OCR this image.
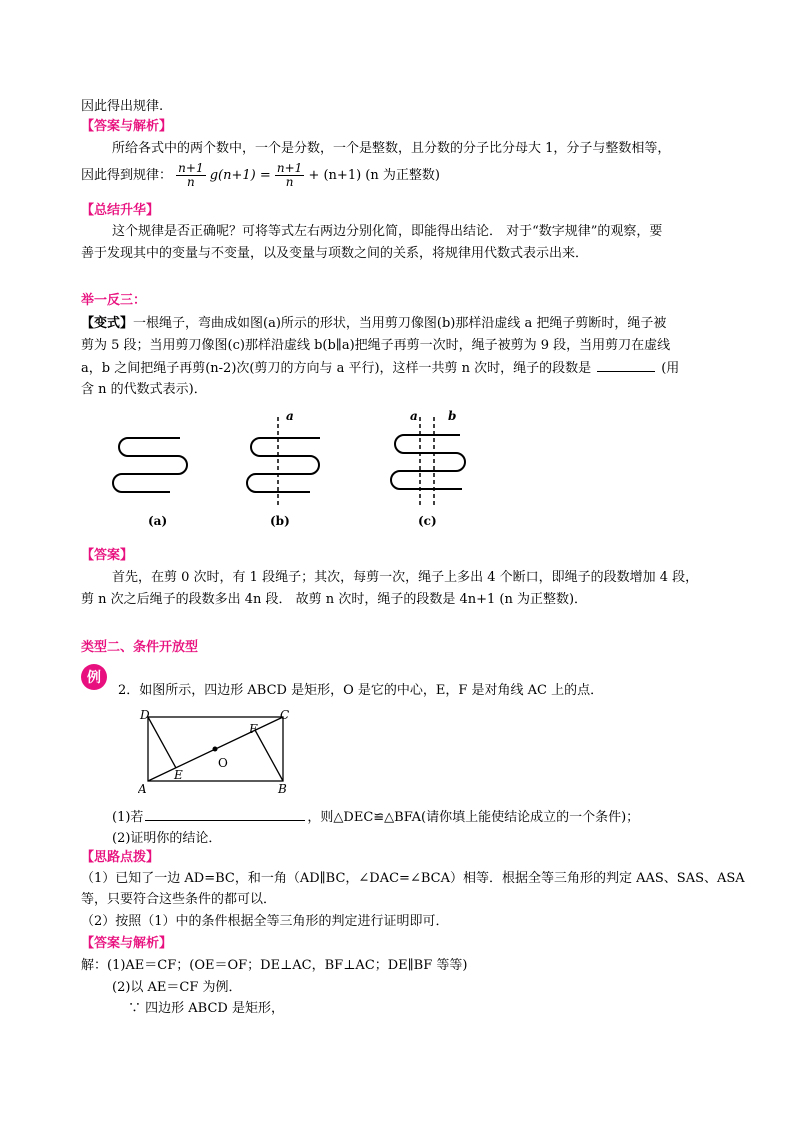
因此得出规律.
【答案与解析】
所给各式中的两个数中，一个是分数，一个是整数，且分数的分子比分母大 1，分子与整数相等，
因此得到规律： $\frac{n+1}{n} g(n+1) = \frac{n+1}{n} + (n+1)$ (n 为正整数)
【总结升华】
这个规律是否正确呢？可将等式左右两边分别化简，即能得出结论． 对于“数字规律”的观察，要
善于发现其中的变量与不变量，以及变量与项数之间的关系，将规律用代数式表示出来．
举一反三：
【变式】一根绳子，弯曲成如图(a)所示的形状，当用剪刀像图(b)那样沿虚线 a 把绳子剪断时，绳子被
剪为 5 段；当用剪刀像图(c)那样沿虚线 b(b∥a)把绳子再剪一次时，绳子被剪为 9 段，当用剪刀在虚线
a，b 之间把绳子再剪(n-2)次(剪刀的方向与 a 平行)，这样一共剪 n 次时，绳子的段数是	(用
含 n 的代数式表示)．
a	a	b
(a)	(b)	(c)
【答案】
首先，在剪 0 次时，有 1 段绳子；其次，每剪一次，绳子上多出 4 个断口，即绳子的段数增加 4 段，
剪 n 次之后绳子的段数多出 4n 段． 故剪 n 次时，绳子的段数是 4n+1 (n 为正整数)．
类型二、条件开放型
例
2．如图所示，四边形 ABCD 是矩形，O 是它的中心，E，F 是对角线 AC 上的点．
D	C
A	B
E
F
O
(1)若	，则△DEC≌△BFA(请你填上能使结论成立的一个条件)；
(2)证明你的结论．
【思路点拨】
（1）已知了一边 AD=BC，和一角（AD∥BC，∠DAC=∠BCA）相等．根据全等三角形的判定 AAS、SAS、ASA
等，只要符合这些条件的都可以．
（2）按照（1）中的条件根据全等三角形的判定进行证明即可．
【答案与解析】
解：(1)AE＝CF；(OE＝OF；DE⊥AC，BF⊥AC；DE∥BF 等等)
(2)以 AE＝CF 为例．
∵ 四边形 ABCD 是矩形，
